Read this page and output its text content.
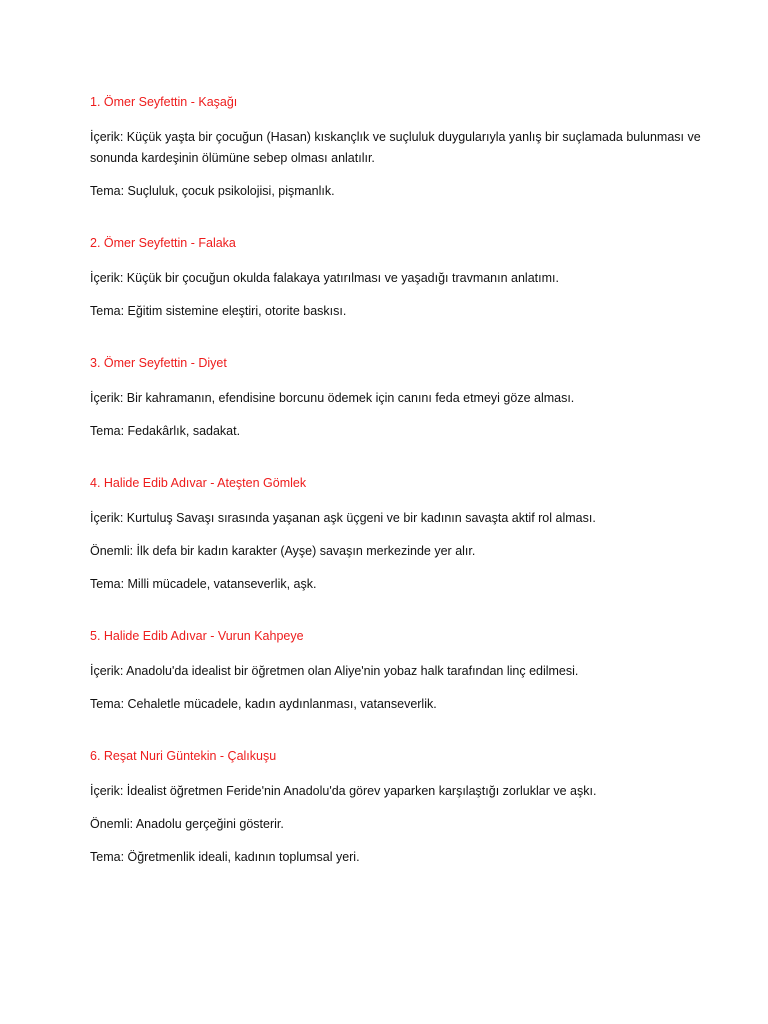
1. Ömer Seyfettin - Kaşağı
İçerik: Küçük yaşta bir çocuğun (Hasan) kıskançlık ve suçluluk duygularıyla yanlış bir suçlamada bulunması ve sonunda kardeşinin ölümüne sebep olması anlatılır.
Tema: Suçluluk, çocuk psikolojisi, pişmanlık.
2. Ömer Seyfettin - Falaka
İçerik: Küçük bir çocuğun okulda falakaya yatırılması ve yaşadığı travmanın anlatımı.
Tema: Eğitim sistemine eleştiri, otorite baskısı.
3. Ömer Seyfettin - Diyet
İçerik: Bir kahramanın, efendisine borcunu ödemek için canını feda etmeyi göze alması.
Tema: Fedakârlık, sadakat.
4. Halide Edib Adıvar - Ateşten Gömlek
İçerik: Kurtuluş Savaşı sırasında yaşanan aşk üçgeni ve bir kadının savaşta aktif rol alması.
Önemli: İlk defa bir kadın karakter (Ayşe) savaşın merkezinde yer alır.
Tema: Milli mücadele, vatanseverlik, aşk.
5. Halide Edib Adıvar - Vurun Kahpeye
İçerik: Anadolu'da idealist bir öğretmen olan Aliye'nin yobaz halk tarafından linç edilmesi.
Tema: Cehaletle mücadele, kadın aydınlanması, vatanseverlik.
6. Reşat Nuri Güntekin - Çalıkuşu
İçerik: İdealist öğretmen Feride'nin Anadolu'da görev yaparken karşılaştığı zorluklar ve aşkı.
Önemli: Anadolu gerçeğini gösterir.
Tema: Öğretmenlik ideali, kadının toplumsal yeri.
